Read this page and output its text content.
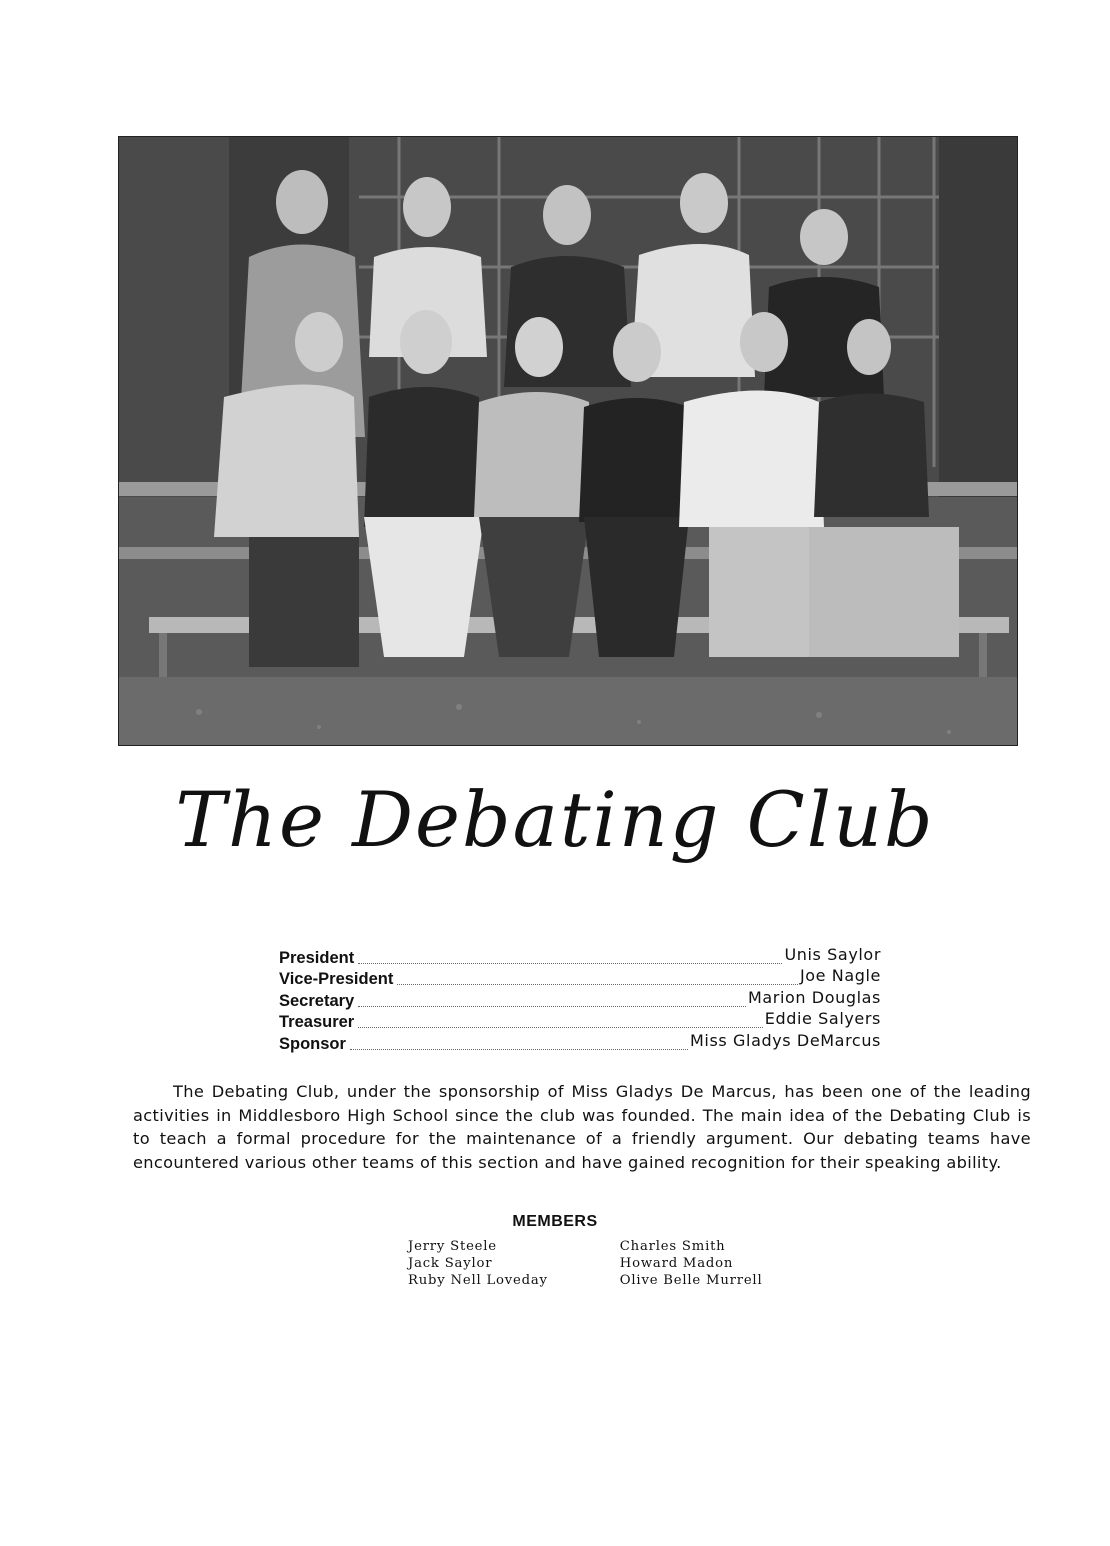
The Debating Club
President	Unis Saylor
Vice-President	Joe Nagle
Secretary	Marion Douglas
Treasurer	Eddie Salyers
Sponsor	Miss Gladys DeMarcus

The Debating Club, under the sponsorship of Miss Gladys De Marcus, has been one of the leading activities in Middlesboro High School since the club was founded. The main idea of the Debating Club is to teach a formal procedure for the maintenance of a friendly argument. Our debating teams have encountered various other teams of this section and have gained recognition for their speaking ability.

MEMBERS
Jerry Steele
Jack Saylor
Ruby Nell Loveday
Charles Smith
Howard Madon
Olive Belle Murrell
